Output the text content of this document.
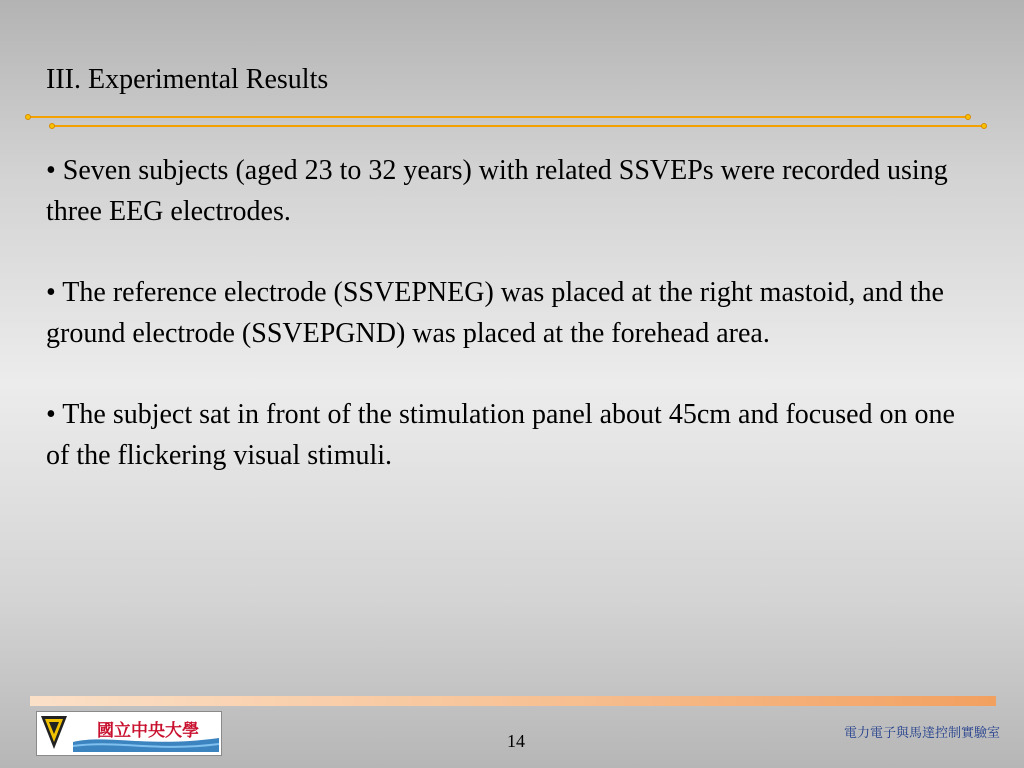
III. Experimental Results

• Seven subjects (aged 23 to 32 years) with related SSVEPs were recorded using three EEG electrodes.

• The reference electrode (SSVEPNEG) was placed at the right mastoid, and the ground electrode (SSVEPGND) was placed at the forehead area.

• The subject sat in front of the stimulation panel about 45cm and focused on one of the flickering visual stimuli.

國立中央大學	14	電力電子與馬達控制實驗室
